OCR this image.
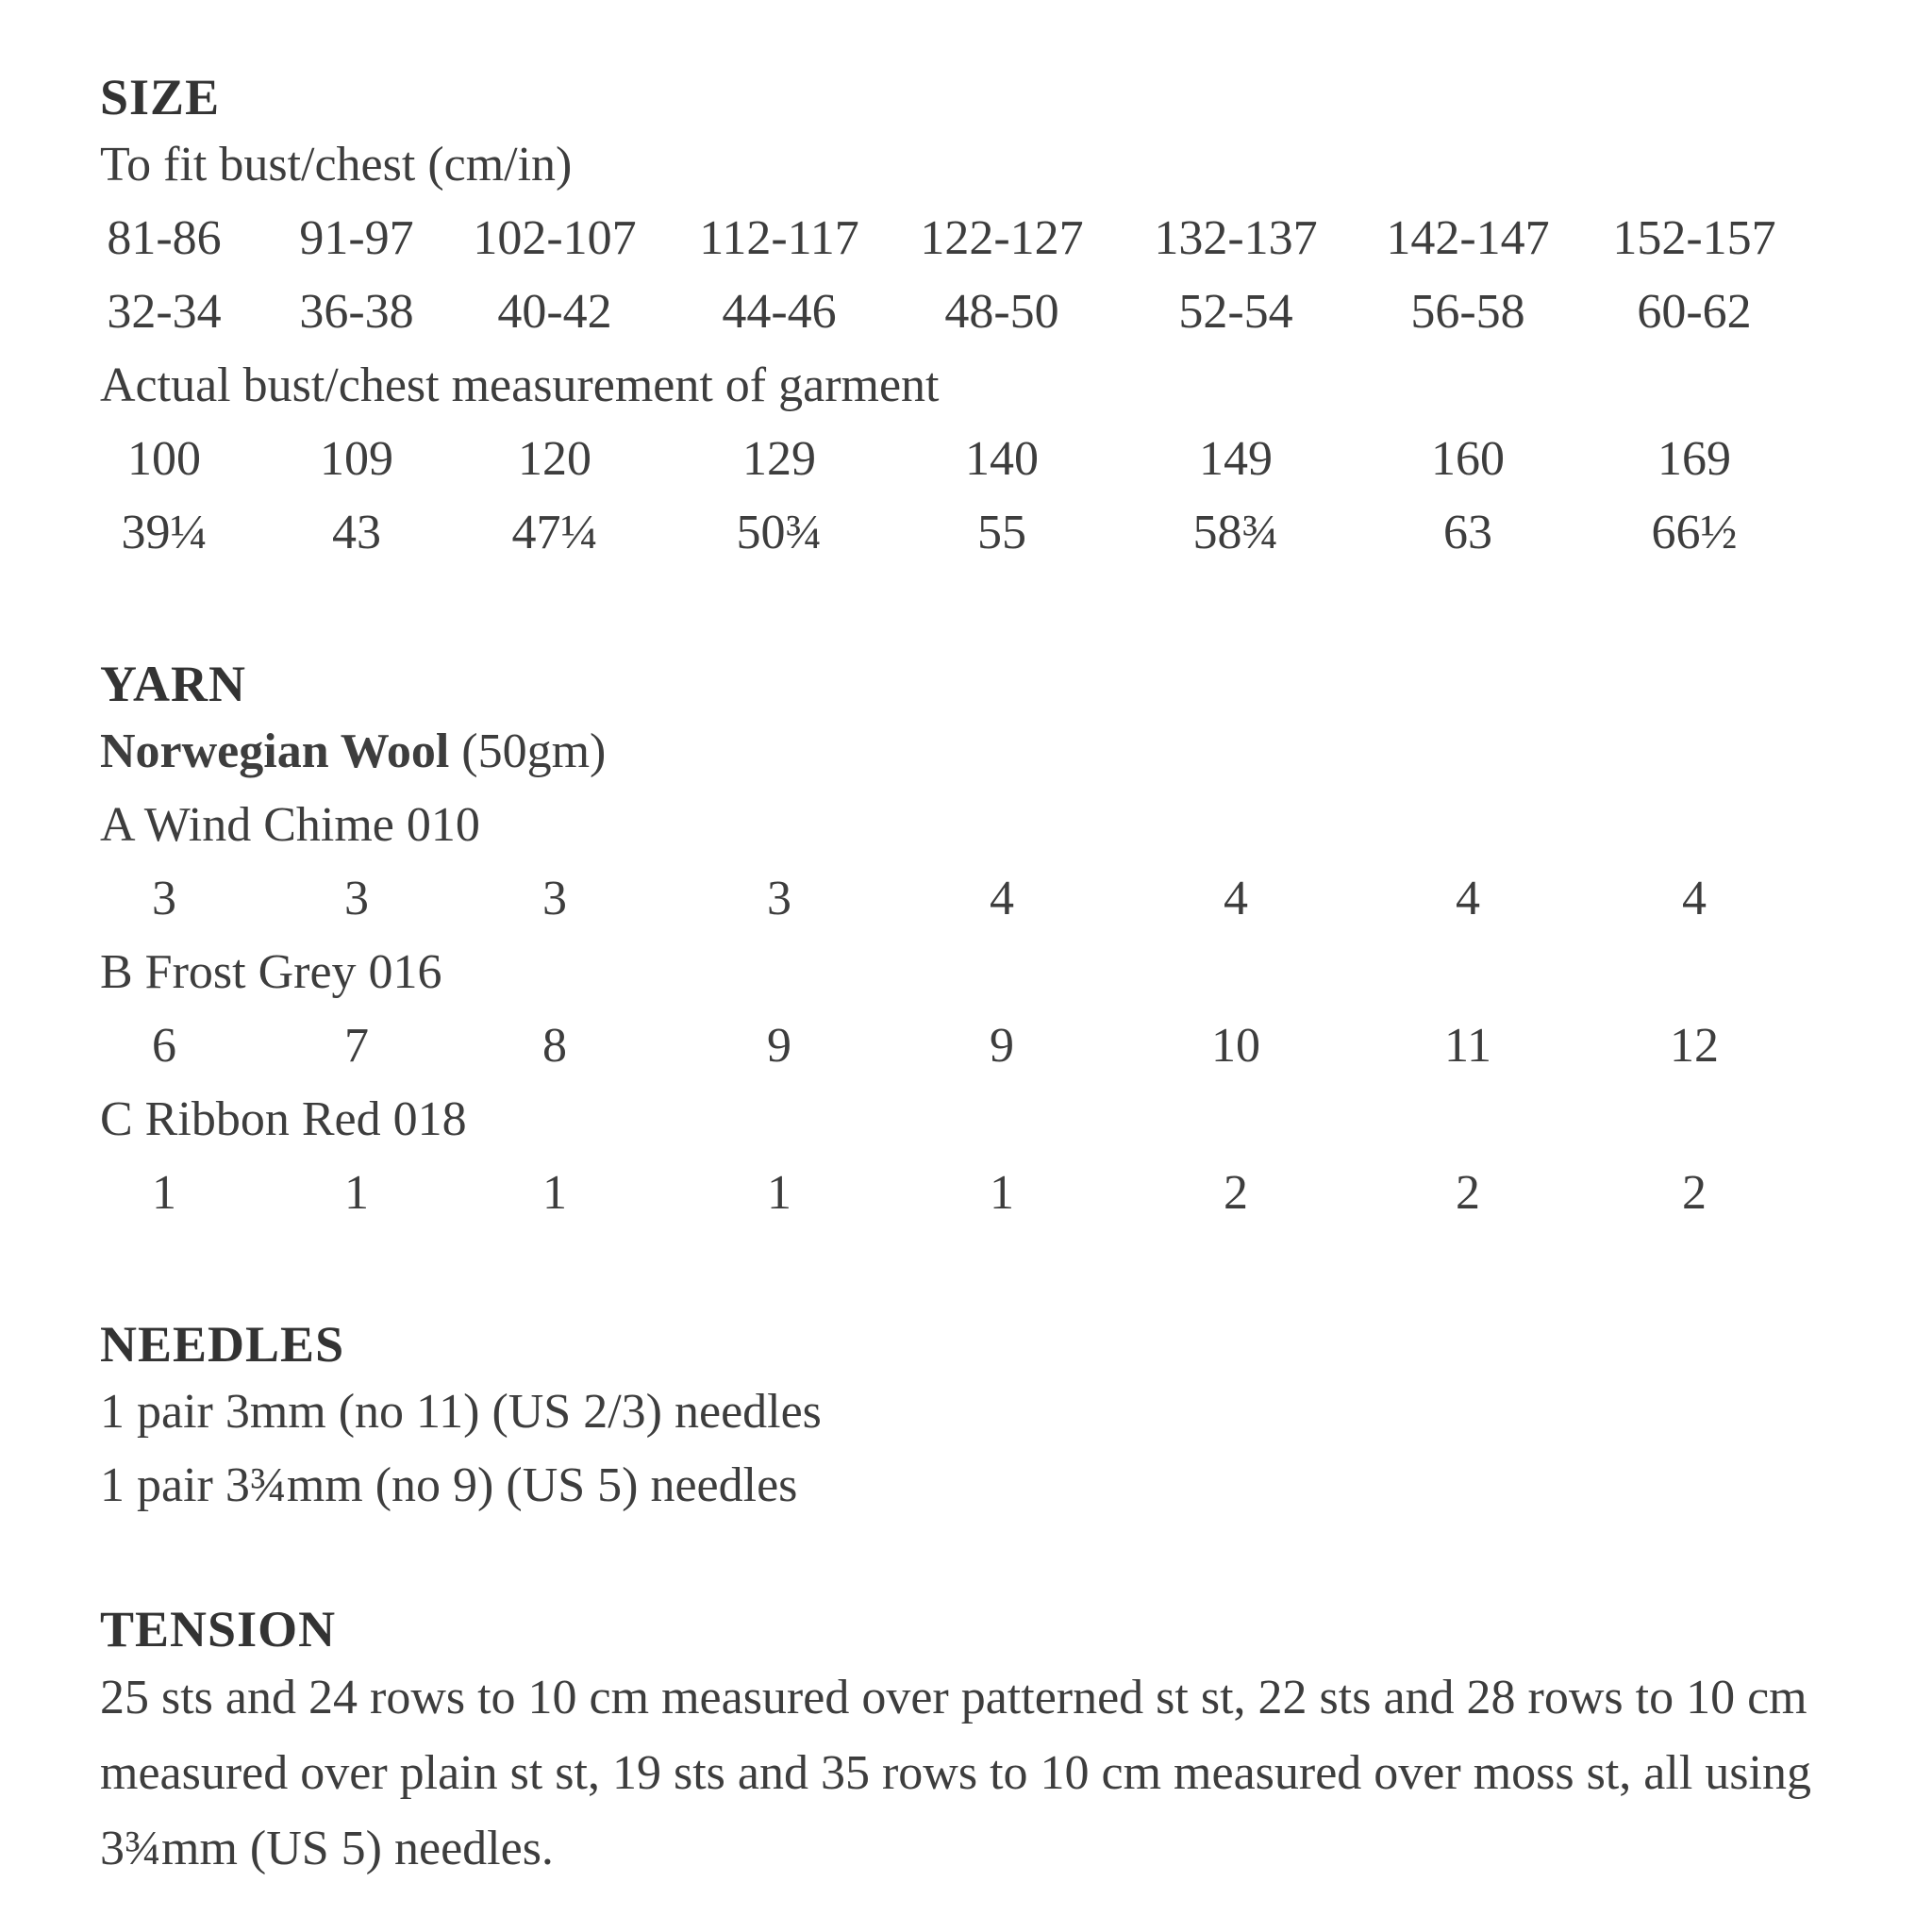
SIZE
To fit bust/chest (cm/in)
81-86 91-97 102-107 112-117 122-127 132-137 142-147 152-157
32-34 36-38 40-42 44-46 48-50 52-54 56-58 60-62
Actual bust/chest measurement of garment
100 109	120	129	140	149	160	169
39¼	43	47¼	50¾	55	58¾	63	66½
YARN
Norwegian Wool (50gm)
A Wind Chime 010
3	3	3	3	4	4	4	4
B Frost Grey 016
6	7	8	9	9	10	11	12
C Ribbon Red 018
1	1	1	1	1	2	2	2
NEEDLES
1 pair 3mm (no 11) (US 2/3) needles
1 pair 3¾mm (no 9) (US 5) needles
TENSION
25 sts and 24 rows to 10 cm measured over patterned st st, 22 sts and 28 rows to 10 cm measured over plain st st, 19 sts and 35 rows to 10 cm measured over moss st, all using 3¾mm (US 5) needles.
